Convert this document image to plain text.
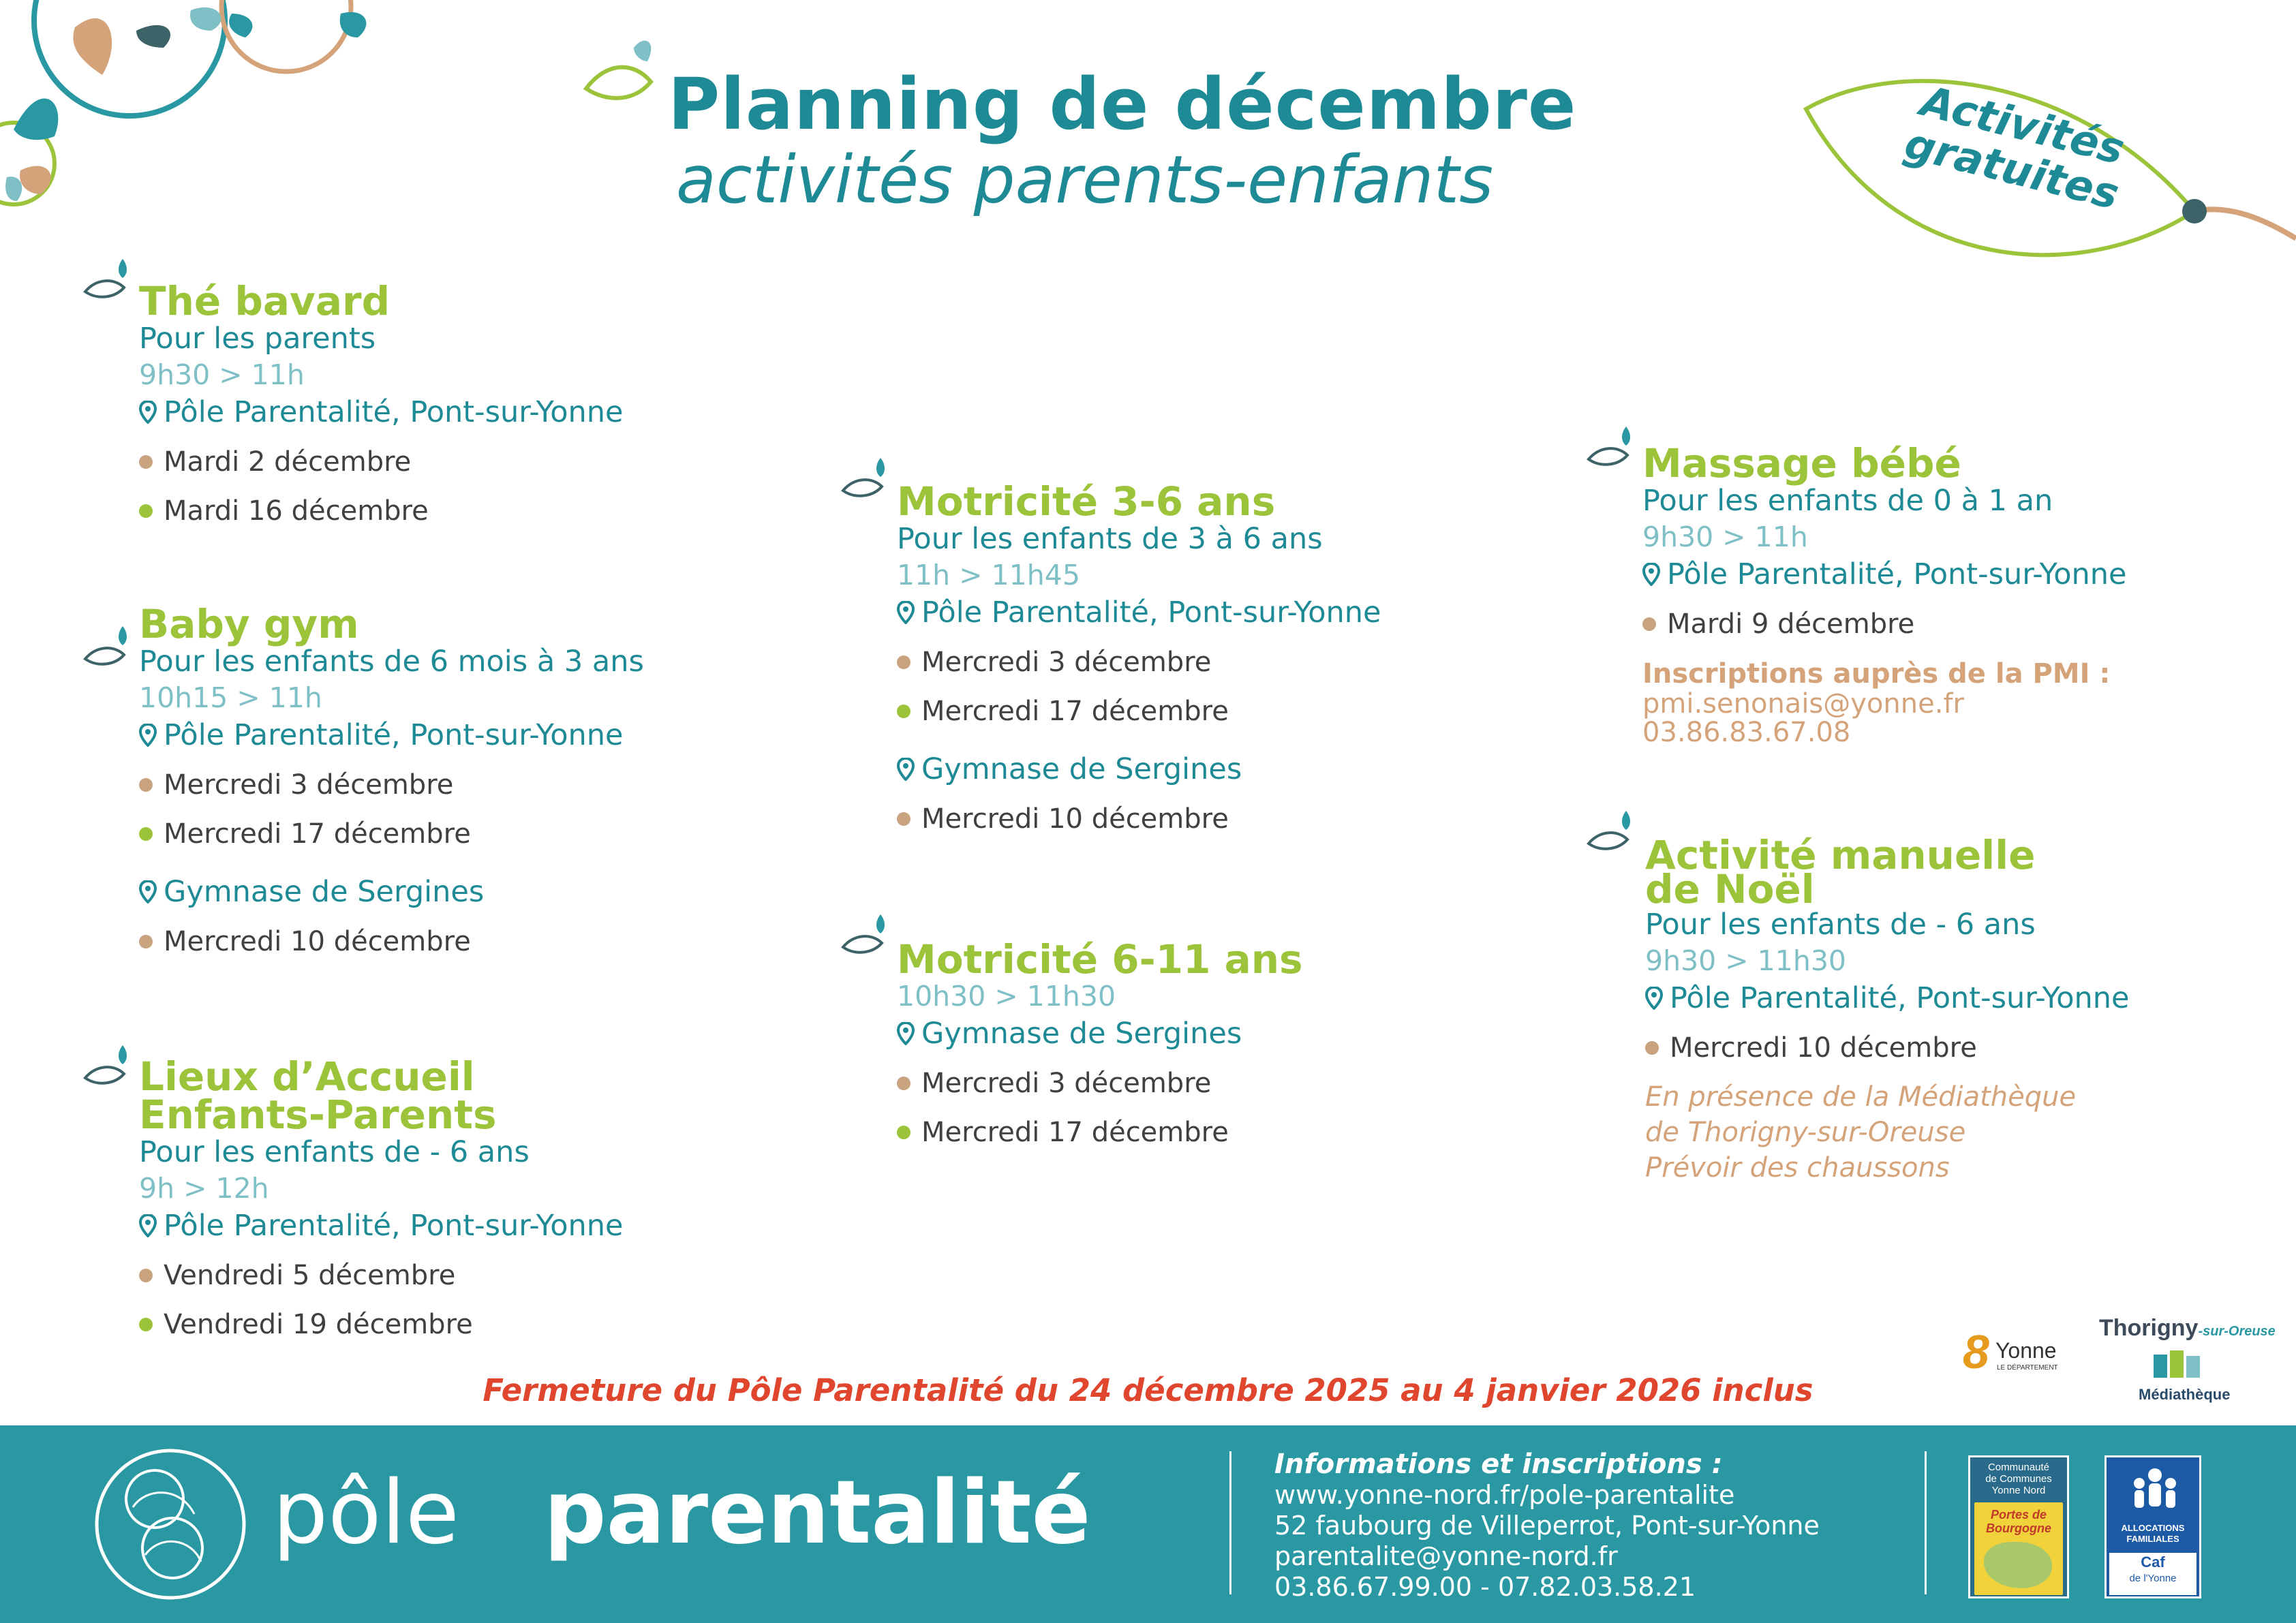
Planning de décembre
activités parents-enfants
Activités gratuites
Thé bavard
Pour les parents
9h30 > 11h
Pôle Parentalité, Pont-sur-Yonne
Mardi 2 décembre
Mardi 16 décembre
Baby gym
Pour les enfants de 6 mois à 3 ans
10h15 > 11h
Pôle Parentalité, Pont-sur-Yonne
Mercredi 3 décembre
Mercredi 17 décembre
Gymnase de Sergines
Mercredi 10 décembre
Lieux d’Accueil
Enfants-Parents
Pour les enfants de - 6 ans
9h > 12h
Pôle Parentalité, Pont-sur-Yonne
Vendredi 5 décembre
Vendredi 19 décembre
Motricité 3-6 ans
Pour les enfants de 3 à 6 ans
11h > 11h45
Pôle Parentalité, Pont-sur-Yonne
Mercredi 3 décembre
Mercredi 17 décembre
Gymnase de Sergines
Mercredi 10 décembre
Motricité 6-11 ans
10h30 > 11h30
Gymnase de Sergines
Mercredi 3 décembre
Mercredi 17 décembre
Massage bébé
Pour les enfants de 0 à 1 an
9h30 > 11h
Pôle Parentalité, Pont-sur-Yonne
Mardi 9 décembre
Inscriptions auprès de la PMI :
pmi.senonais@yonne.fr
03.86.83.67.08
Activité manuelle
de Noël
Pour les enfants de - 6 ans
9h30 > 11h30
Pôle Parentalité, Pont-sur-Yonne
Mercredi 10 décembre
En présence de la Médiathèque
de Thorigny-sur-Oreuse
Prévoir des chaussons
8 Yonne
LE DÉPARTEMENT
Thorigny-sur-Oreuse
Médiathèque
Fermeture du Pôle Parentalité du 24 décembre 2025 au 4 janvier 2026 inclus
pôle parentalité	Informations et inscriptions :
www.yonne-nord.fr/pole-parentalite
52 faubourg de Villeperrot, Pont-sur-Yonne
parentalite@yonne-nord.fr
03.86.67.99.00 - 07.82.03.58.21
Communauté
de Communes
Yonne Nord
Portes de
Bourgogne	ALLOCATIONS
FAMILIALES
Caf
de l'Yonne
